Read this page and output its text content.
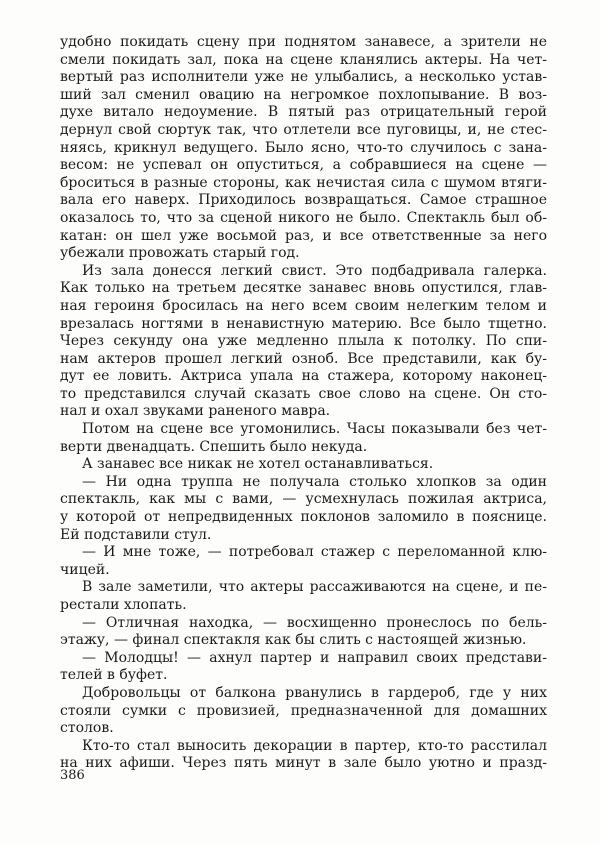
удобно покидать сцену при поднятом занавесе, а зрители не
смели покидать зал, пока на сцене кланялись актеры. На чет-
вертый раз исполнители уже не улыбались, а несколько устав-
ший зал сменил овацию на негромкое похлопывание. В воз-
духе витало недоумение. В пятый раз отрицательный герой
дернул свой сюртук так, что отлетели все пуговицы, и, не стес-
няясь, крикнул ведущего. Было ясно, что-то случилось с зана-
весом: не успевал он опуститься, а собравшиеся на сцене —
броситься в разные стороны, как нечистая сила с шумом втяги-
вала его наверх. Приходилось возвращаться. Самое страшное
оказалось то, что за сценой никого не было. Спектакль был об-
катан: он шел уже восьмой раз, и все ответственные за него
убежали провожать старый год.
Из зала донесся легкий свист. Это подбадривала галерка.
Как только на третьем десятке занавес вновь опустился, глав-
ная героиня бросилась на него всем своим нелегким телом и
врезалась ногтями в ненавистную материю. Все было тщетно.
Через секунду она уже медленно плыла к потолку. По спи-
нам актеров прошел легкий озноб. Все представили, как бу-
дут ее ловить. Актриса упала на стажера, которому наконец-
то представился случай сказать свое слово на сцене. Он сто-
нал и охал звуками раненого мавра.
Потом на сцене все угомонились. Часы показывали без чет-
верти двенадцать. Спешить было некуда.
А занавес все никак не хотел останавливаться.
— Ни одна труппа не получала столько хлопков за один
спектакль, как мы с вами, — усмехнулась пожилая актриса,
у которой от непредвиденных поклонов заломило в пояснице.
Ей подставили стул.
— И мне тоже, — потребовал стажер с переломанной клю-
чицей.
В зале заметили, что актеры рассаживаются на сцене, и пе-
рестали хлопать.
— Отличная находка, — восхищенно пронеслось по бель-
этажу, — финал спектакля как бы слить с настоящей жизнью.
— Молодцы! — ахнул партер и направил своих представи-
телей в буфет.
Добровольцы от балкона рванулись в гардероб, где у них
стояли сумки с провизией, предназначенной для домашних
столов.
Кто-то стал выносить декорации в партер, кто-то расстилал
на них афиши. Через пять минут в зале было уютно и празд-
386
